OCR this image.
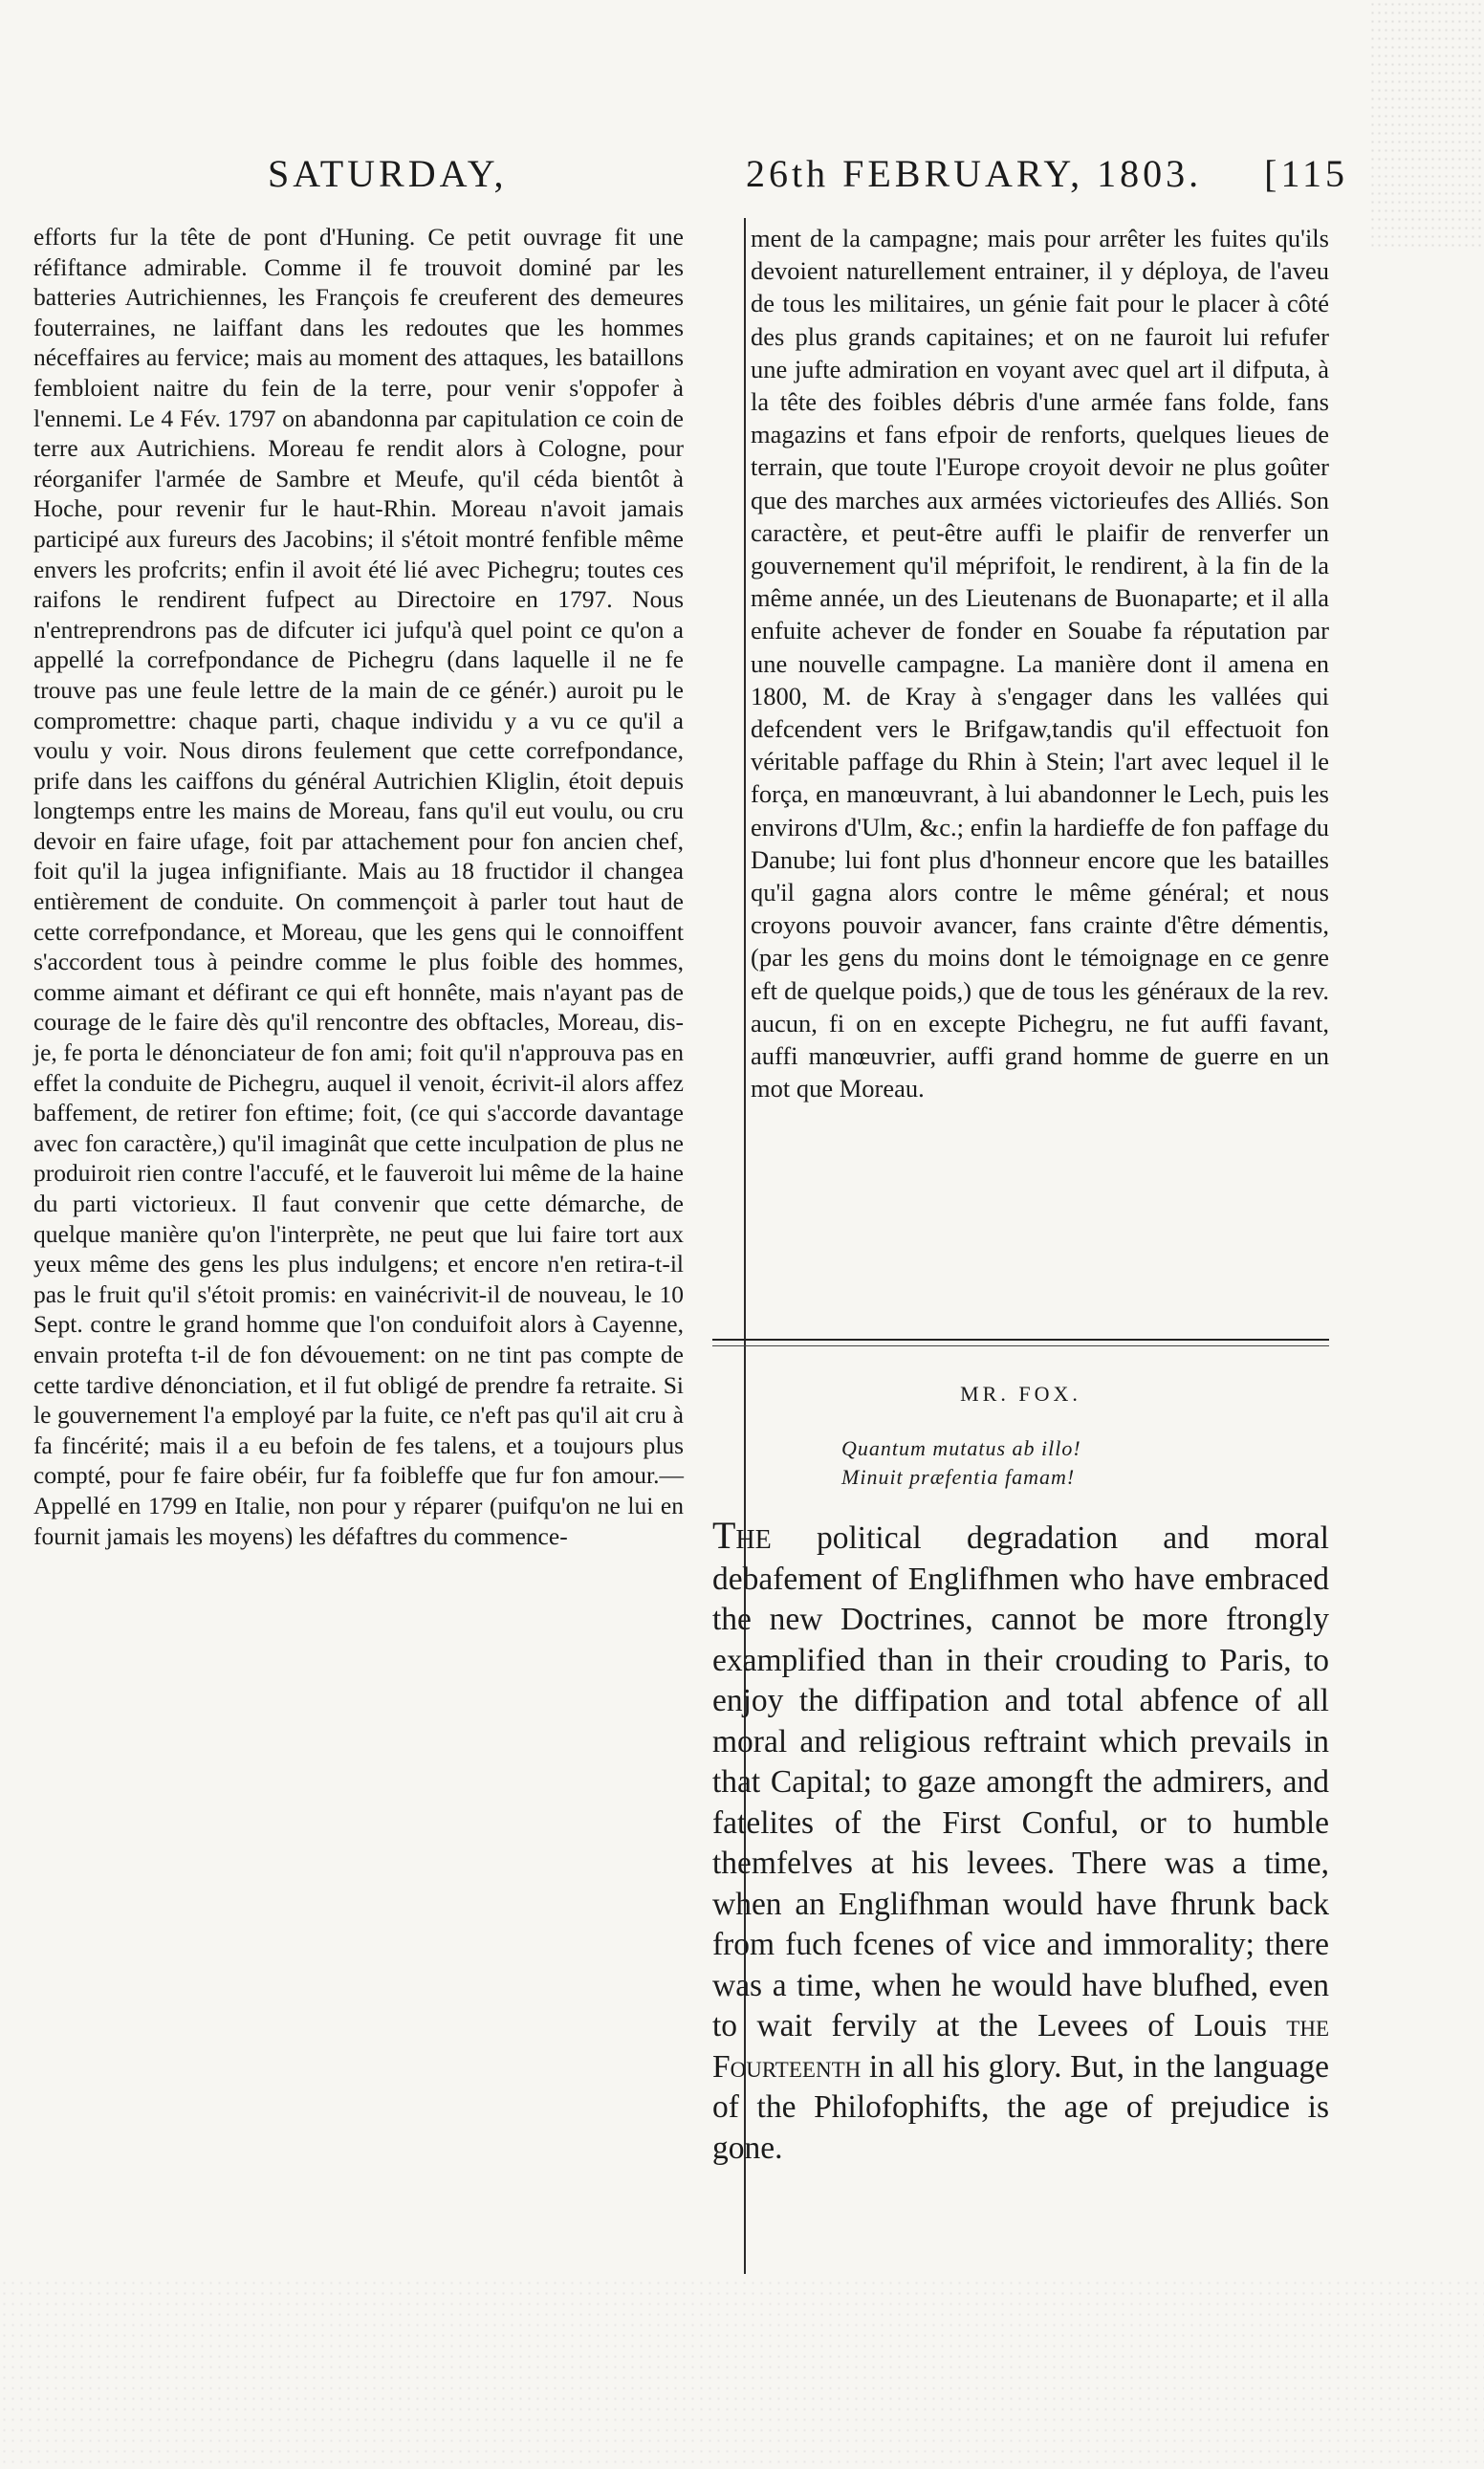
SATURDAY,	26th FEBRUARY, 1803. [115

efforts fur la tête de pont d'Huning. Ce petit ouvrage fit une réfiftance admirable. Comme il fe trouvoit dominé par les batteries Autrichiennes, les François fe creuferent des demeures fouterraines, ne laiffant dans les redoutes que les hommes néceffaires au fervice; mais au moment des attaques, les bataillons fembloient naitre du fein de la terre, pour venir s'oppofer à l'ennemi. Le 4 Fév. 1797 on abandonna par capitulation ce coin de terre aux Autrichiens. Moreau fe rendit alors à Cologne, pour réorganifer l'armée de Sambre et Meufe, qu'il céda bientôt à Hoche, pour revenir fur le haut-Rhin. Moreau n'avoit jamais participé aux fureurs des Jacobins; il s'étoit montré fenfible même envers les profcrits; enfin il avoit été lié avec Pichegru; toutes ces raifons le rendirent fufpect au Directoire en 1797. Nous n'entreprendrons pas de difcuter ici jufqu'à quel point ce qu'on a appellé la correfpondance de Pichegru (dans laquelle il ne fe trouve pas une feule lettre de la main de ce génér.) auroit pu le compromettre: chaque parti, chaque individu y a vu ce qu'il a voulu y voir. Nous dirons feulement que cette correfpondance, prife dans les caiffons du général Autrichien Kliglin, étoit depuis longtemps entre les mains de Moreau, fans qu'il eut voulu, ou cru devoir en faire ufage, foit par attachement pour fon ancien chef, foit qu'il la jugea infignifiante. Mais au 18 fructidor il changea entièrement de conduite. On commençoit à parler tout haut de cette correfpondance, et Moreau, que les gens qui le connoiffent s'accordent tous à peindre comme le plus foible des hommes, comme aimant et défirant ce qui eft honnête, mais n'ayant pas de courage de le faire dès qu'il rencontre des obftacles, Moreau, dis-je, fe porta le dénonciateur de fon ami; foit qu'il n'approuva pas en effet la conduite de Pichegru, auquel il venoit, écrivit-il alors affez baffement, de retirer fon eftime; foit, (ce qui s'accorde davantage avec fon caractère,) qu'il imaginât que cette inculpation de plus ne produiroit rien contre l'accufé, et le fauveroit lui même de la haine du parti victorieux. Il faut convenir que cette démarche, de quelque manière qu'on l'interprète, ne peut que lui faire tort aux yeux même des gens les plus indulgens; et encore n'en retira-t-il pas le fruit qu'il s'étoit promis: en vainécrivit-il de nouveau, le 10 Sept. contre le grand homme que l'on conduifoit alors à Cayenne, envain protefta t-il de fon dévouement: on ne tint pas compte de cette tardive dénonciation, et il fut obligé de prendre fa retraite. Si le gouvernement l'a employé par la fuite, ce n'eft pas qu'il ait cru à fa fincérité; mais il a eu befoin de fes talens, et a toujours plus compté, pour fe faire obéir, fur fa foibleffe que fur fon amour.—Appellé en 1799 en Italie, non pour y réparer (puifqu'on ne lui en fournit jamais les moyens) les défaftres du commence-

ment de la campagne; mais pour arrêter les fuites qu'ils devoient naturellement entrainer, il y déploya, de l'aveu de tous les militaires, un génie fait pour le placer à côté des plus grands capitaines; et on ne fauroit lui refufer une jufte admiration en voyant avec quel art il difputa, à la tête des foibles débris d'une armée fans folde, fans magazins et fans efpoir de renforts, quelques lieues de terrain, que toute l'Europe croyoit devoir ne plus goûter que des marches aux armées victorieufes des Alliés. Son caractère, et peut-être auffi le plaifir de renverfer un gouvernement qu'il méprifoit, le rendirent, à la fin de la même année, un des Lieutenans de Buonaparte; et il alla enfuite achever de fonder en Souabe fa réputation par une nouvelle campagne. La manière dont il amena en 1800, M. de Kray à s'engager dans les vallées qui defcendent vers le Brifgaw,tandis qu'il effectuoit fon véritable paffage du Rhin à Stein; l'art avec lequel il le força, en manœuvrant, à lui abandonner le Lech, puis les environs d'Ulm, &c.; enfin la hardieffe de fon paffage du Danube; lui font plus d'honneur encore que les batailles qu'il gagna alors contre le même général; et nous croyons pouvoir avancer, fans crainte d'être démentis, (par les gens du moins dont le témoignage en ce genre eft de quelque poids,) que de tous les généraux de la rev. aucun, fi on en excepte Pichegru, ne fut auffi favant, auffi manœuvrier, auffi grand homme de guerre en un mot que Moreau.

MR. FOX.
Quantum mutatus ab illo!
Minuit præfentia famam!

The political degradation and moral debafement of Englifhmen who have embraced the new Doctrines, cannot be more ftrongly examplified than in their crouding to Paris, to enjoy the diffipation and total abfence of all moral and religious reftraint which prevails in that Capital; to gaze amongft the admirers, and fatelites of the First Conful, or to humble themfelves at his levees. There was a time, when an Englifhman would have fhrunk back from fuch fcenes of vice and immorality; there was a time, when he would have blufhed, even to wait fervily at the Levees of Louis the Fourteenth in all his glory. But, in the language of the Philofophifts, the age of prejudice is gone.
